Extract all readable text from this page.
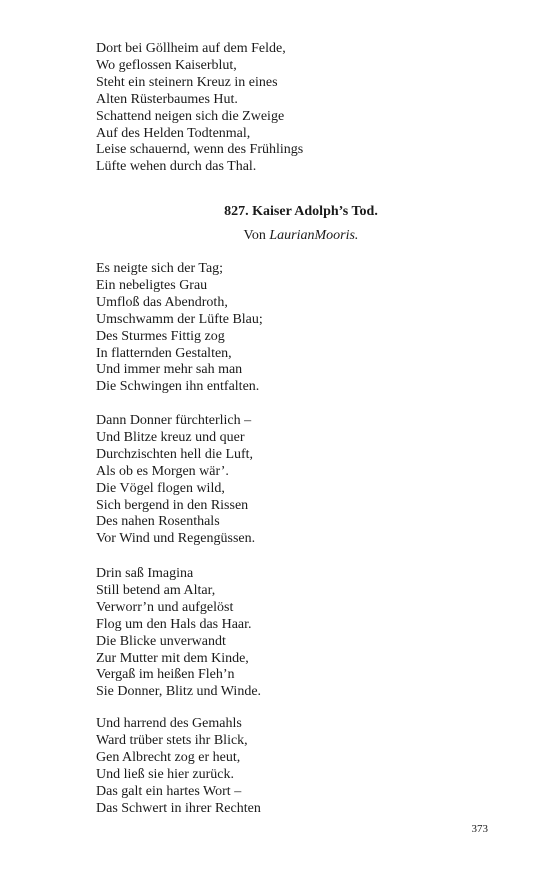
Dort bei Göllheim auf dem Felde,
Wo geflossen Kaiserblut,
Steht ein steinern Kreuz in eines
Alten Rüsterbaumes Hut.
Schattend neigen sich die Zweige
Auf des Helden Todtenmal,
Leise schauernd, wenn des Frühlings
Lüfte wehen durch das Thal.
827. Kaiser Adolph’s Tod.
Von LaurianMooris.
Es neigte sich der Tag;
Ein nebeligtes Grau
Umfloß das Abendroth,
Umschwamm der Lüfte Blau;
Des Sturmes Fittig zog
In flatternden Gestalten,
Und immer mehr sah man
Die Schwingen ihn entfalten.
Dann Donner fürchterlich –
Und Blitze kreuz und quer
Durchzischten hell die Luft,
Als ob es Morgen wär’.
Die Vögel flogen wild,
Sich bergend in den Rissen
Des nahen Rosenthals
Vor Wind und Regengüssen.
Drin saß Imagina
Still betend am Altar,
Verworr’n und aufgelöst
Flog um den Hals das Haar.
Die Blicke unverwandt
Zur Mutter mit dem Kinde,
Vergaß im heißen Fleh’n
Sie Donner, Blitz und Winde.
Und harrend des Gemahls
Ward trüber stets ihr Blick,
Gen Albrecht zog er heut,
Und ließ sie hier zurück.
Das galt ein hartes Wort –
Das Schwert in ihrer Rechten
373
